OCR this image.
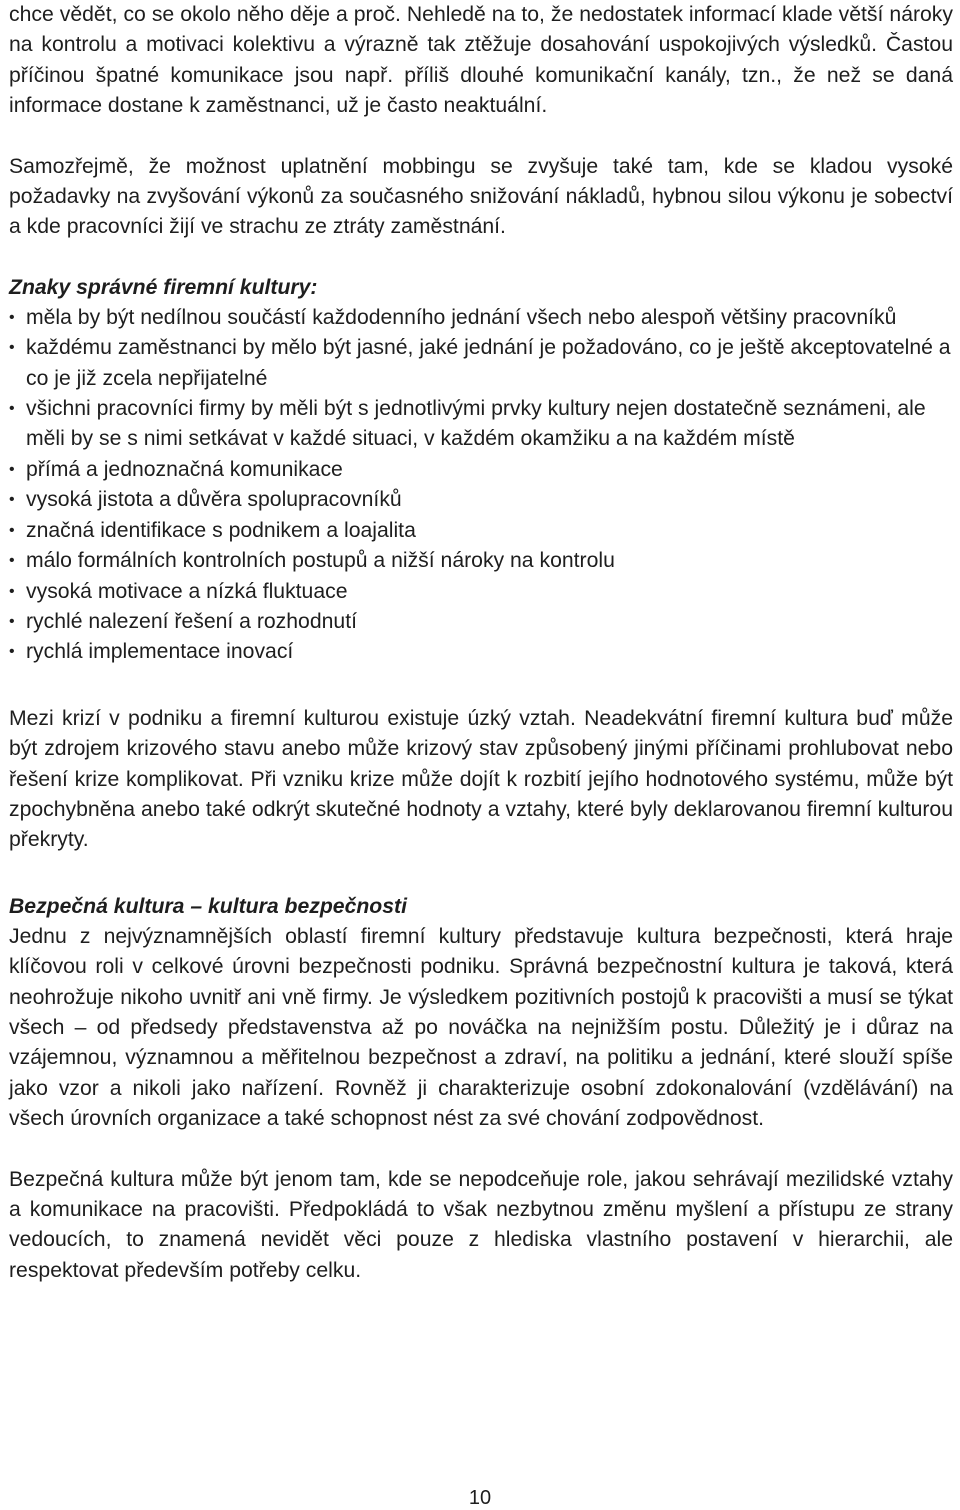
chce vědět, co se okolo něho děje a proč. Nehledě na to, že nedostatek informací klade větší nároky na kontrolu a motivaci kolektivu a výrazně tak ztěžuje dosahování uspokojivých výsledků. Častou příčinou špatné komunikace jsou např. příliš dlouhé komunikační kanály, tzn., že než se daná informace dostane k zaměstnanci, už je často neaktuální.

Samozřejmě, že možnost uplatnění mobbingu se zvyšuje také tam, kde se kladou vysoké požadavky na zvyšování výkonů za současného snižování nákladů, hybnou silou výkonu je sobectví a kde pracovníci žijí ve strachu ze ztráty zaměstnání.

Znaky správné firemní kultury:
• měla by být nedílnou součástí každodenního jednání všech nebo alespoň většiny pracovníků
• každému zaměstnanci by mělo být jasné, jaké jednání je požadováno, co je ještě akceptovatelné a co je již zcela nepřijatelné
• všichni pracovníci firmy by měli být s jednotlivými prvky kultury nejen dostatečně seznámeni, ale měli by se s nimi setkávat v každé situaci, v každém okamžiku a na každém místě
• přímá a jednoznačná komunikace
• vysoká jistota a důvěra spolupracovníků
• značná identifikace s podnikem a loajalita
• málo formálních kontrolních postupů a nižší nároky na kontrolu
• vysoká motivace a nízká fluktuace
• rychlé nalezení řešení a rozhodnutí
• rychlá implementace inovací

Mezi krizí v podniku a firemní kulturou existuje úzký vztah. Neadekvátní firemní kultura buď může být zdrojem krizového stavu anebo může krizový stav způsobený jinými příčinami prohlubovat nebo řešení krize komplikovat. Při vzniku krize může dojít k rozbití jejího hodnotového systému, může být zpochybněna anebo také odkrýt skutečné hodnoty a vztahy, které byly deklarovanou firemní kulturou překryty.

Bezpečná kultura – kultura bezpečnosti

Jednu z nejvýznamnějších oblastí firemní kultury představuje kultura bezpečnosti, která hraje klíčovou roli v celkové úrovni bezpečnosti podniku. Správná bezpečnostní kultura je taková, která neohrožuje nikoho uvnitř ani vně firmy. Je výsledkem pozitivních postojů k pracovišti a musí se týkat všech – od předsedy představenstva až po nováčka na nejnižším postu. Důležitý je i důraz na vzájemnou, významnou a měřitelnou bezpečnost a zdraví, na politiku a jednání, které slouží spíše jako vzor a nikoli jako nařízení. Rovněž ji charakterizuje osobní zdokonalování (vzdělávání) na všech úrovních organizace a také schopnost nést za své chování zodpovědnost.

Bezpečná kultura může být jenom tam, kde se nepodceňuje role, jakou sehrávají mezilidské vztahy a komunikace na pracovišti. Předpokládá to však nezbytnou změnu myšlení a přístupu ze strany vedoucích, to znamená nevidět věci pouze z hlediska vlastního postavení v hierarchii, ale respektovat především potřeby celku.

10
